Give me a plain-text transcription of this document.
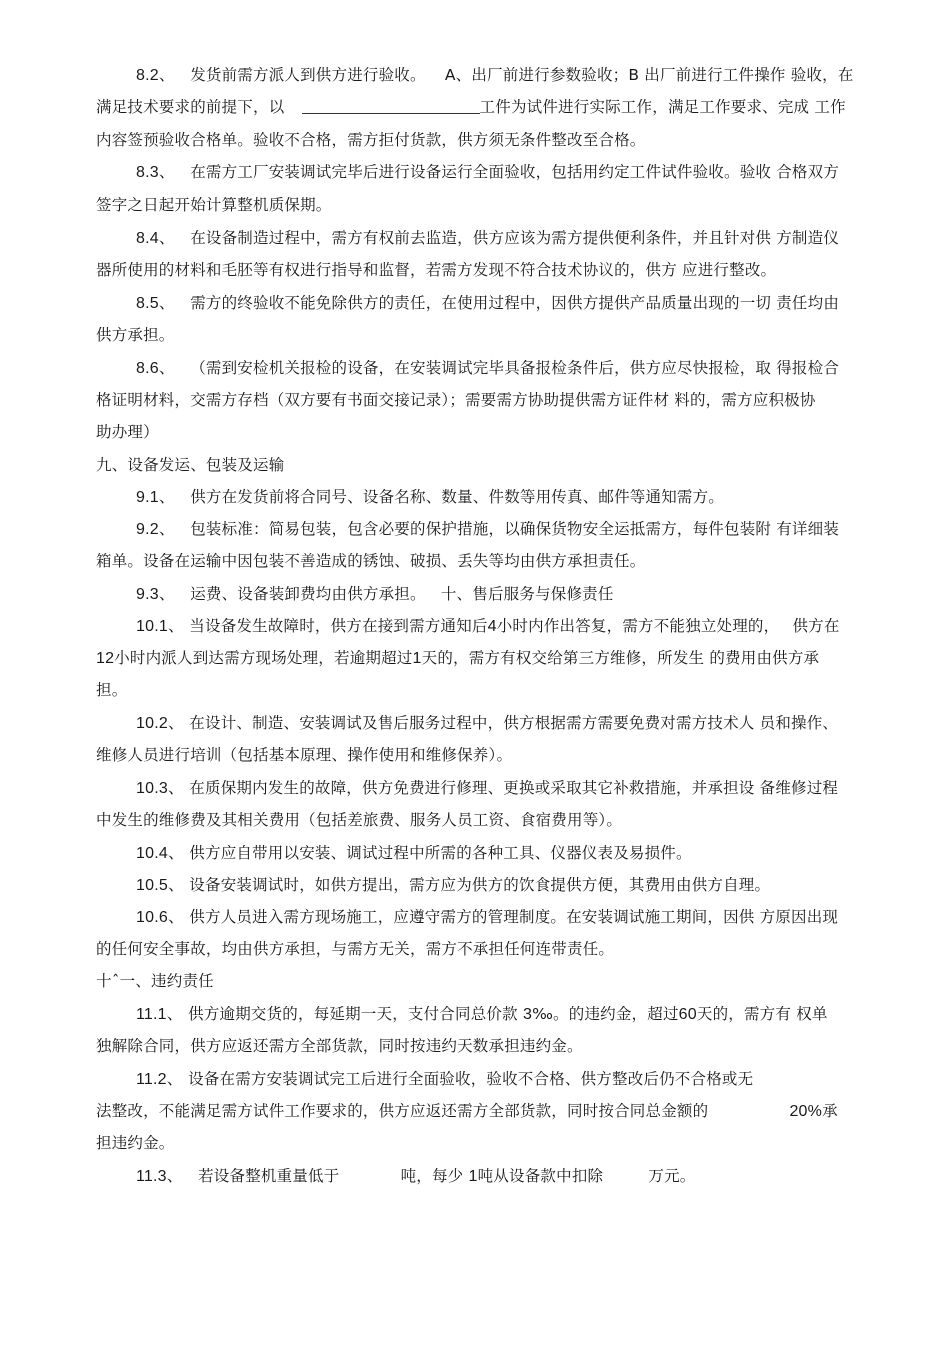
8.2、 发货前需方派人到供方进行验收。 A、出厂前进行参数验收；B 出厂前进行工件操作 验收，在
满足技术要求的前提下，以	工件为试件进行实际工作，满足工作要求、完成 工作
内容签预验收合格单。验收不合格，需方拒付货款，供方须无条件整改至合格。
8.3、 在需方工厂安装调试完毕后进行设备运行全面验收，包括用约定工件试件验收。验收 合格双方
签字之日起开始计算整机质保期。
8.4、 在设备制造过程中，需方有权前去监造，供方应该为需方提供便利条件，并且针对供 方制造仪
器所使用的材料和毛胚等有权进行指导和监督，若需方发现不符合技术协议的，供方 应进行整改。
8.5、 需方的终验收不能免除供方的责任，在使用过程中，因供方提供产品质量出现的一切 责任均由
供方承担。
8.6、 （需到安检机关报检的设备，在安装调试完毕具备报检条件后，供方应尽快报检，取 得报检合
格证明材料，交需方存档（双方要有书面交接记录）；需要需方协助提供需方证件材 料的，需方应积极协
助办理）
九、设备发运、包装及运输
9.1、 供方在发货前将合同号、设备名称、数量、件数等用传真、邮件等通知需方。
9.2、 包装标准：简易包装，包含必要的保护措施，以确保货物安全运抵需方，每件包装附 有详细装
箱单。设备在运输中因包装不善造成的锈蚀、破损、丢失等均由供方承担责任。
9.3、 运费、设备装卸费均由供方承担。 十、售后服务与保修责任
10.1、 当设备发生故障时，供方在接到需方通知后4小时内作出答复，需方不能独立处理的， 供方在
12小时内派人到达需方现场处理，若逾期超过1天的，需方有权交给第三方维修，所发生 的费用由供方承
担。
10.2、 在设计、制造、安装调试及售后服务过程中，供方根据需方需要免费对需方技术人 员和操作、
维修人员进行培训（包括基本原理、操作使用和维修保养）。
10.3、 在质保期内发生的故障，供方免费进行修理、更换或采取其它补救措施，并承担设 备维修过程
中发生的维修费及其相关费用（包括差旅费、服务人员工资、食宿费用等）。
10.4、 供方应自带用以安装、调试过程中所需的各种工具、仪器仪表及易损件。
10.5、 设备安装调试时，如供方提出，需方应为供方的饮食提供方便，其费用由供方自理。
10.6、 供方人员进入需方现场施工，应遵守需方的管理制度。在安装调试施工期间，因供 方原因出现
的任何安全事故，均由供方承担，与需方无关，需方不承担任何连带责任。
十ˆ一、违约责任
11.1、 供方逾期交货的，每延期一天，支付合同总价款 3‰。的违约金，超过60天的，需方有 权单
独解除合同，供方应返还需方全部货款，同时按违约天数承担违约金。
11.2、 设备在需方安装调试完工后进行全面验收，验收不合格、供方整改后仍不合格或无
法整改，不能满足需方试件工作要求的，供方应返还需方全部货款，同时按合同总金额的	20%承
担违约金。
11.3、 若设备整机重量低于	吨，每少 1吨从设备款中扣除	万元。
